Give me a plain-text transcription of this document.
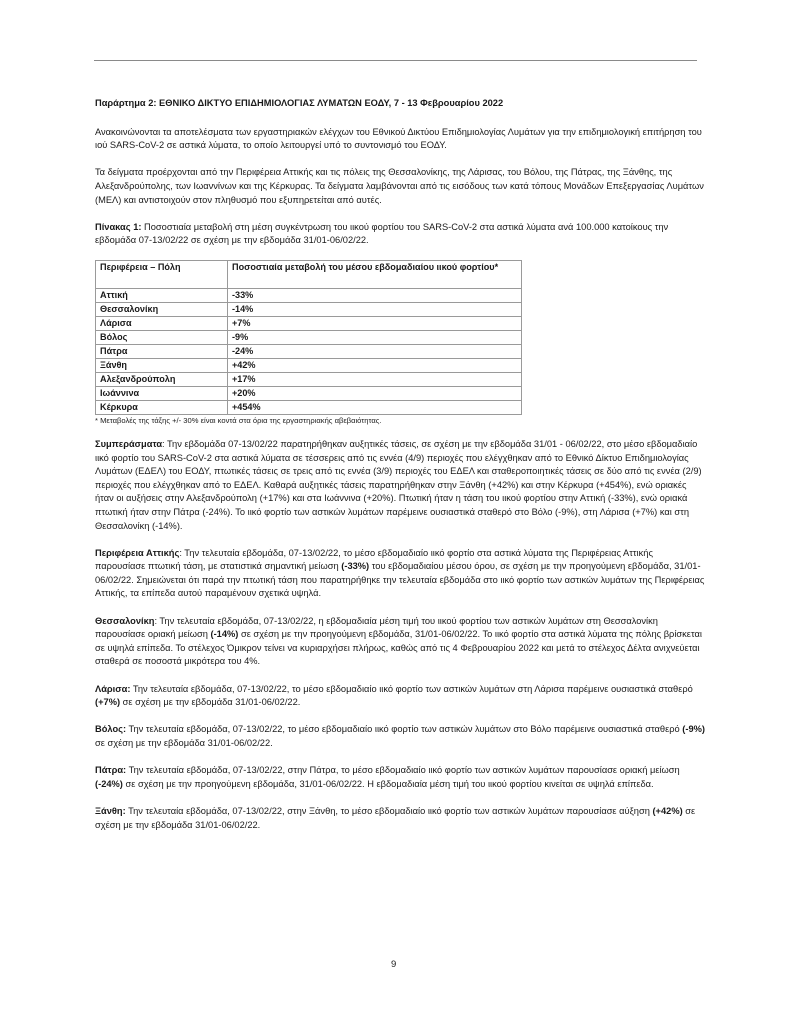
Παράρτημα 2: ΕΘΝΙΚΟ ΔΙΚΤΥΟ ΕΠΙΔΗΜΙΟΛΟΓΙΑΣ ΛΥΜΑΤΩΝ ΕΟΔΥ, 7 - 13 Φεβρουαρίου 2022

Ανακοινώνονται τα αποτελέσματα των εργαστηριακών ελέγχων του Εθνικού Δικτύου Επιδημιολογίας Λυμάτων για την επιδημιολογική επιτήρηση του ιού SARS-CoV-2 σε αστικά λύματα, το οποίο λειτουργεί υπό το συντονισμό του ΕΟΔΥ.

Τα δείγματα προέρχονται από την Περιφέρεια Αττικής και τις πόλεις της Θεσσαλονίκης, της Λάρισας, του Βόλου, της Πάτρας, της Ξάνθης, της Αλεξανδρούπολης, των Ιωαννίνων και της Κέρκυρας. Τα δείγματα λαμβάνονται από τις εισόδους των κατά τόπους Μονάδων Επεξεργασίας Λυμάτων (ΜΕΛ) και αντιστοιχούν στον πληθυσμό που εξυπηρετείται από αυτές.

Πίνακας 1: Ποσοστιαία μεταβολή στη μέση συγκέντρωση του ιικού φορτίου του SARS-CoV-2 στα αστικά λύματα ανά 100.000 κατοίκους την εβδομάδα 07-13/02/22 σε σχέση με την εβδομάδα 31/01-06/02/22.

Περιφέρεια – Πόλη	Ποσοστιαία μεταβολή του μέσου εβδομαδιαίου ιικού φορτίου*
Αττική	-33%
Θεσσαλονίκη	-14%
Λάρισα	+7%
Βόλος	-9%
Πάτρα	-24%
Ξάνθη	+42%
Αλεξανδρούπολη	+17%
Ιωάννινα	+20%
Κέρκυρα	+454%
* Μεταβολές της τάξης +/- 30% είναι κοντά στα όρια της εργαστηριακής αβεβαιότητας.

Συμπεράσματα: Την εβδομάδα 07-13/02/22 παρατηρήθηκαν αυξητικές τάσεις, σε σχέση με την εβδομάδα 31/01 - 06/02/22, στο μέσο εβδομαδιαίο ιικό φορτίο του SARS-CoV-2 στα αστικά λύματα σε τέσσερεις από τις εννέα (4/9) περιοχές που ελέγχθηκαν από το Εθνικό Δίκτυο Επιδημιολογίας Λυμάτων (ΕΔΕΛ) του ΕΟΔΥ, πτωτικές τάσεις σε τρεις από τις εννέα (3/9) περιοχές του ΕΔΕΛ και σταθεροποιητικές τάσεις σε δύο από τις εννέα (2/9) περιοχές που ελέγχθηκαν από το ΕΔΕΛ. Καθαρά αυξητικές τάσεις παρατηρήθηκαν στην Ξάνθη (+42%) και στην Κέρκυρα (+454%), ενώ οριακές ήταν οι αυξήσεις στην Αλεξανδρούπολη (+17%) και στα Ιωάννινα (+20%). Πτωτική ήταν η τάση του ιικού φορτίου στην Αττική (-33%), ενώ οριακά πτωτική ήταν στην Πάτρα (-24%). Το ιικό φορτίο των αστικών λυμάτων παρέμεινε ουσιαστικά σταθερό στο Βόλο (-9%), στη Λάρισα (+7%) και στη Θεσσαλονίκη (-14%).

Περιφέρεια Αττικής: Την τελευταία εβδομάδα, 07-13/02/22, το μέσο εβδομαδιαίο ιικό φορτίο στα αστικά λύματα της Περιφέρειας Αττικής παρουσίασε πτωτική τάση, με στατιστικά σημαντική μείωση (-33%) του εβδομαδιαίου μέσου όρου, σε σχέση με την προηγούμενη εβδομάδα, 31/01-06/02/22. Σημειώνεται ότι παρά την πτωτική τάση που παρατηρήθηκε την τελευταία εβδομάδα στο ιικό φορτίο των αστικών λυμάτων της Περιφέρειας Αττικής, τα επίπεδα αυτού παραμένουν σχετικά υψηλά.

Θεσσαλονίκη: Την τελευταία εβδομάδα, 07-13/02/22, η εβδομαδιαία μέση τιμή του ιικού φορτίου των αστικών λυμάτων στη Θεσσαλονίκη παρουσίασε οριακή μείωση (-14%) σε σχέση με την προηγούμενη εβδομάδα, 31/01-06/02/22. Το ιικό φορτίο στα αστικά λύματα της πόλης βρίσκεται σε υψηλά επίπεδα. Το στέλεχος Όμικρον τείνει να κυριαρχήσει πλήρως, καθώς από τις 4 Φεβρουαρίου 2022 και μετά το στέλεχος Δέλτα ανιχνεύεται σταθερά σε ποσοστά μικρότερα του 4%.

Λάρισα: Την τελευταία εβδομάδα, 07-13/02/22, το μέσο εβδομαδιαίο ιικό φορτίο των αστικών λυμάτων στη Λάρισα παρέμεινε ουσιαστικά σταθερό (+7%) σε σχέση με την εβδομάδα 31/01-06/02/22.

Βόλος: Την τελευταία εβδομάδα, 07-13/02/22, το μέσο εβδομαδιαίο ιικό φορτίο των αστικών λυμάτων στο Βόλο παρέμεινε ουσιαστικά σταθερό (-9%) σε σχέση με την εβδομάδα 31/01-06/02/22.

Πάτρα: Την τελευταία εβδομάδα, 07-13/02/22, στην Πάτρα, το μέσο εβδομαδιαίο ιικό φορτίο των αστικών λυμάτων παρουσίασε οριακή μείωση (-24%) σε σχέση με την προηγούμενη εβδομάδα, 31/01-06/02/22. Η εβδομαδιαία μέση τιμή του ιικού φορτίου κινείται σε υψηλά επίπεδα.

Ξάνθη: Την τελευταία εβδομάδα, 07-13/02/22, στην Ξάνθη, το μέσο εβδομαδιαίο ιικό φορτίο των αστικών λυμάτων παρουσίασε αύξηση (+42%) σε σχέση με την εβδομάδα 31/01-06/02/22.

9
